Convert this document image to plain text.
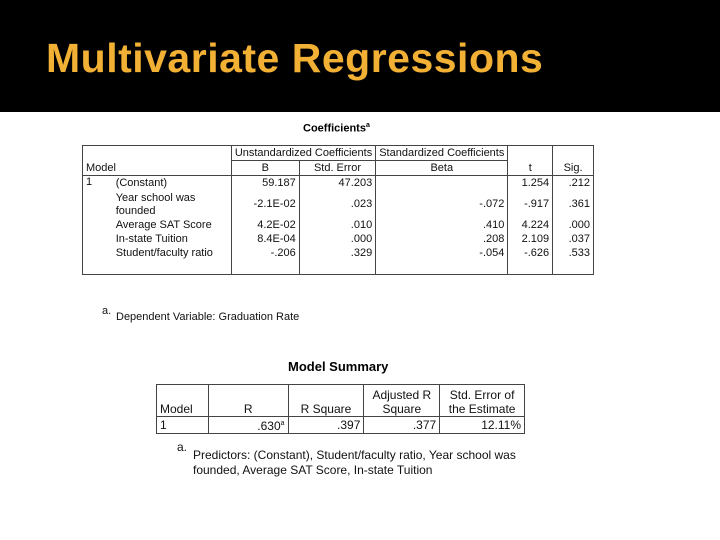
Multivariate Regressions
Coefficients$^a$
Model		Unstandardized Coefficients		Standardized Coefficients	t	Sig.
		B	Std. Error	Beta		
1	(Constant)	59.187	47.203		1.254	.212
	Year school was founded	-2.1E-02	.023	-.072	-.917	.361
	Average SAT Score	4.2E-02	.010	.410	4.224	.000
	In-state Tuition	8.4E-04	.000	.208	2.109	.037
	Student/faculty ratio	-.206	.329	-.054	-.626	.533

a. Dependent Variable: Graduation Rate
Model Summary
Model	R	R Square	Adjusted R Square	Std. Error of the Estimate
1	.630$^a$	.397	.377	12.11%
a.
Predictors: (Constant), Student/faculty ratio, Year school was founded, Average SAT Score, In-state Tuition
